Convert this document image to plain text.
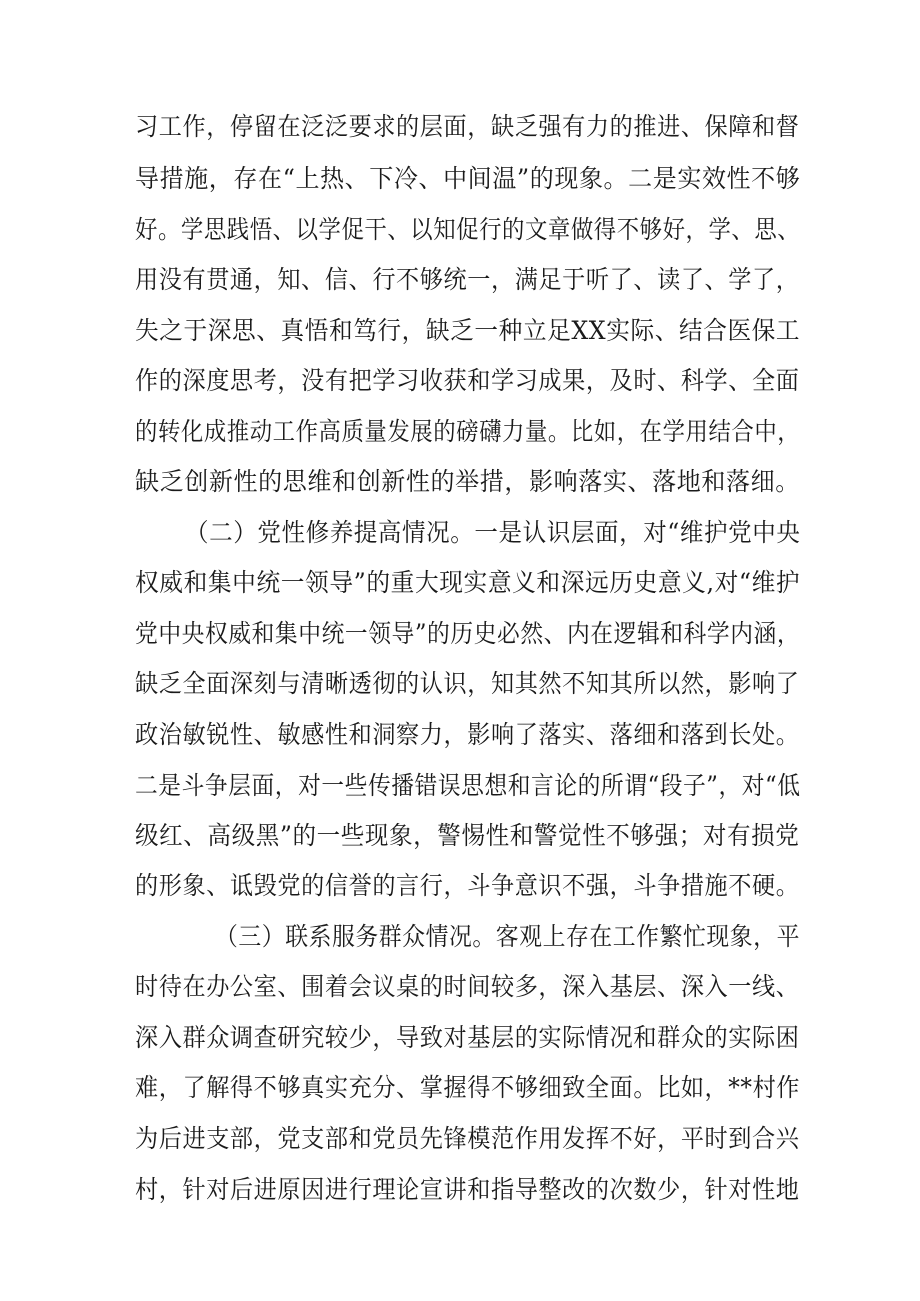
习工作，停留在泛泛要求的层面，缺乏强有力的推进、保障和督
导措施，存在“上热、下冷、中间温”的现象。二是实效性不够
好。学思践悟、以学促干、以知促行的文章做得不够好，学、思、
用没有贯通，知、信、行不够统一，满足于听了、读了、学了，
失之于深思、真悟和笃行，缺乏一种立足XX实际、结合医保工
作的深度思考，没有把学习收获和学习成果，及时、科学、全面
的转化成推动工作高质量发展的磅礴力量。比如，在学用结合中，
缺乏创新性的思维和创新性的举措，影响落实、落地和落细。
（二）党性修养提高情况。一是认识层面，对“维护党中央
权威和集中统一领导”的重大现实意义和深远历史意义,对“维护
党中央权威和集中统一领导”的历史必然、内在逻辑和科学内涵，
缺乏全面深刻与清晰透彻的认识，知其然不知其所以然，影响了
政治敏锐性、敏感性和洞察力，影响了落实、落细和落到长处。
二是斗争层面，对一些传播错误思想和言论的所谓“段子”，对“低
级红、高级黑”的一些现象，警惕性和警觉性不够强；对有损党
的形象、诋毁党的信誉的言行，斗争意识不强，斗争措施不硬。
（三）联系服务群众情况。客观上存在工作繁忙现象，平
时待在办公室、围着会议桌的时间较多，深入基层、深入一线、
深入群众调查研究较少，导致对基层的实际情况和群众的实际困
难，了解得不够真实充分、掌握得不够细致全面。比如，**村作
为后进支部，党支部和党员先锋模范作用发挥不好，平时到合兴
村，针对后进原因进行理论宣讲和指导整改的次数少，针对性地
